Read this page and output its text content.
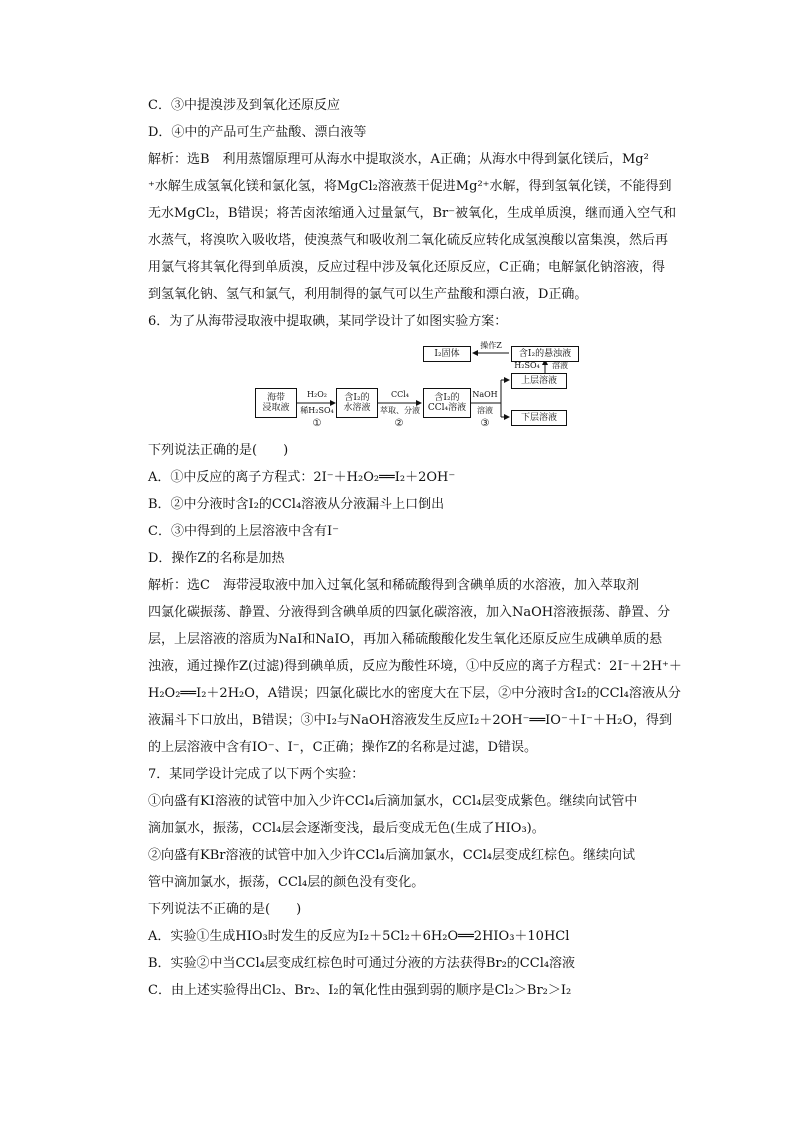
C．③中提溴涉及到氧化还原反应
D．④中的产品可生产盐酸、漂白液等
解析：选B　利用蒸馏原理可从海水中提取淡水，A正确；从海水中得到氯化镁后，Mg²
⁺水解生成氢氧化镁和氯化氢，将MgCl₂溶液蒸干促进Mg²⁺水解，得到氢氧化镁，不能得到
无水MgCl₂，B错误；将苦卤浓缩通入过量氯气，Br⁻被氧化，生成单质溴，继而通入空气和
水蒸气，将溴吹入吸收塔，使溴蒸气和吸收剂二氧化硫反应转化成氢溴酸以富集溴，然后再
用氯气将其氧化得到单质溴，反应过程中涉及氧化还原反应，C正确；电解氯化钠溶液，得
到氢氧化钠、氢气和氯气，利用制得的氯气可以生产盐酸和漂白液，D正确。
6．为了从海带浸取液中提取碘，某同学设计了如图实验方案：
海带
浸取液
含I₂的
水溶液
含I₂的
CCl₄溶液
上层溶液
下层溶液
含I₂的悬浊液
I₂固体
H₂O₂
稀H₂SO₄
CCl₄
萃取、分液
NaOH
溶液
H₂SO₄	溶液
操作Z
①	②	③
下列说法正确的是(　　)
A．①中反应的离子方程式：2I⁻＋H₂O₂══I₂＋2OH⁻
B．②中分液时含I₂的CCl₄溶液从分液漏斗上口倒出
C．③中得到的上层溶液中含有I⁻
D．操作Z的名称是加热
解析：选C　海带浸取液中加入过氧化氢和稀硫酸得到含碘单质的水溶液，加入萃取剂
四氯化碳振荡、静置、分液得到含碘单质的四氯化碳溶液，加入NaOH溶液振荡、静置、分
层，上层溶液的溶质为NaI和NaIO，再加入稀硫酸酸化发生氧化还原反应生成碘单质的悬
浊液，通过操作Z(过滤)得到碘单质，反应为酸性环境，①中反应的离子方程式：2I⁻＋2H⁺＋
H₂O₂══I₂＋2H₂O，A错误；四氯化碳比水的密度大在下层，②中分液时含I₂的CCl₄溶液从分
液漏斗下口放出，B错误；③中I₂与NaOH溶液发生反应I₂＋2OH⁻══IO⁻＋I⁻＋H₂O，得到
的上层溶液中含有IO⁻、I⁻，C正确；操作Z的名称是过滤，D错误。
7．某同学设计完成了以下两个实验：
①向盛有KI溶液的试管中加入少许CCl₄后滴加氯水，CCl₄层变成紫色。继续向试管中
滴加氯水，振荡，CCl₄层会逐渐变浅，最后变成无色(生成了HIO₃)。
②向盛有KBr溶液的试管中加入少许CCl₄后滴加氯水，CCl₄层变成红棕色。继续向试
管中滴加氯水，振荡，CCl₄层的颜色没有变化。
下列说法不正确的是(　　)
A．实验①生成HIO₃时发生的反应为I₂＋5Cl₂＋6H₂O══2HIO₃＋10HCl
B．实验②中当CCl₄层变成红棕色时可通过分液的方法获得Br₂的CCl₄溶液
C．由上述实验得出Cl₂、Br₂、I₂的氧化性由强到弱的顺序是Cl₂＞Br₂＞I₂
